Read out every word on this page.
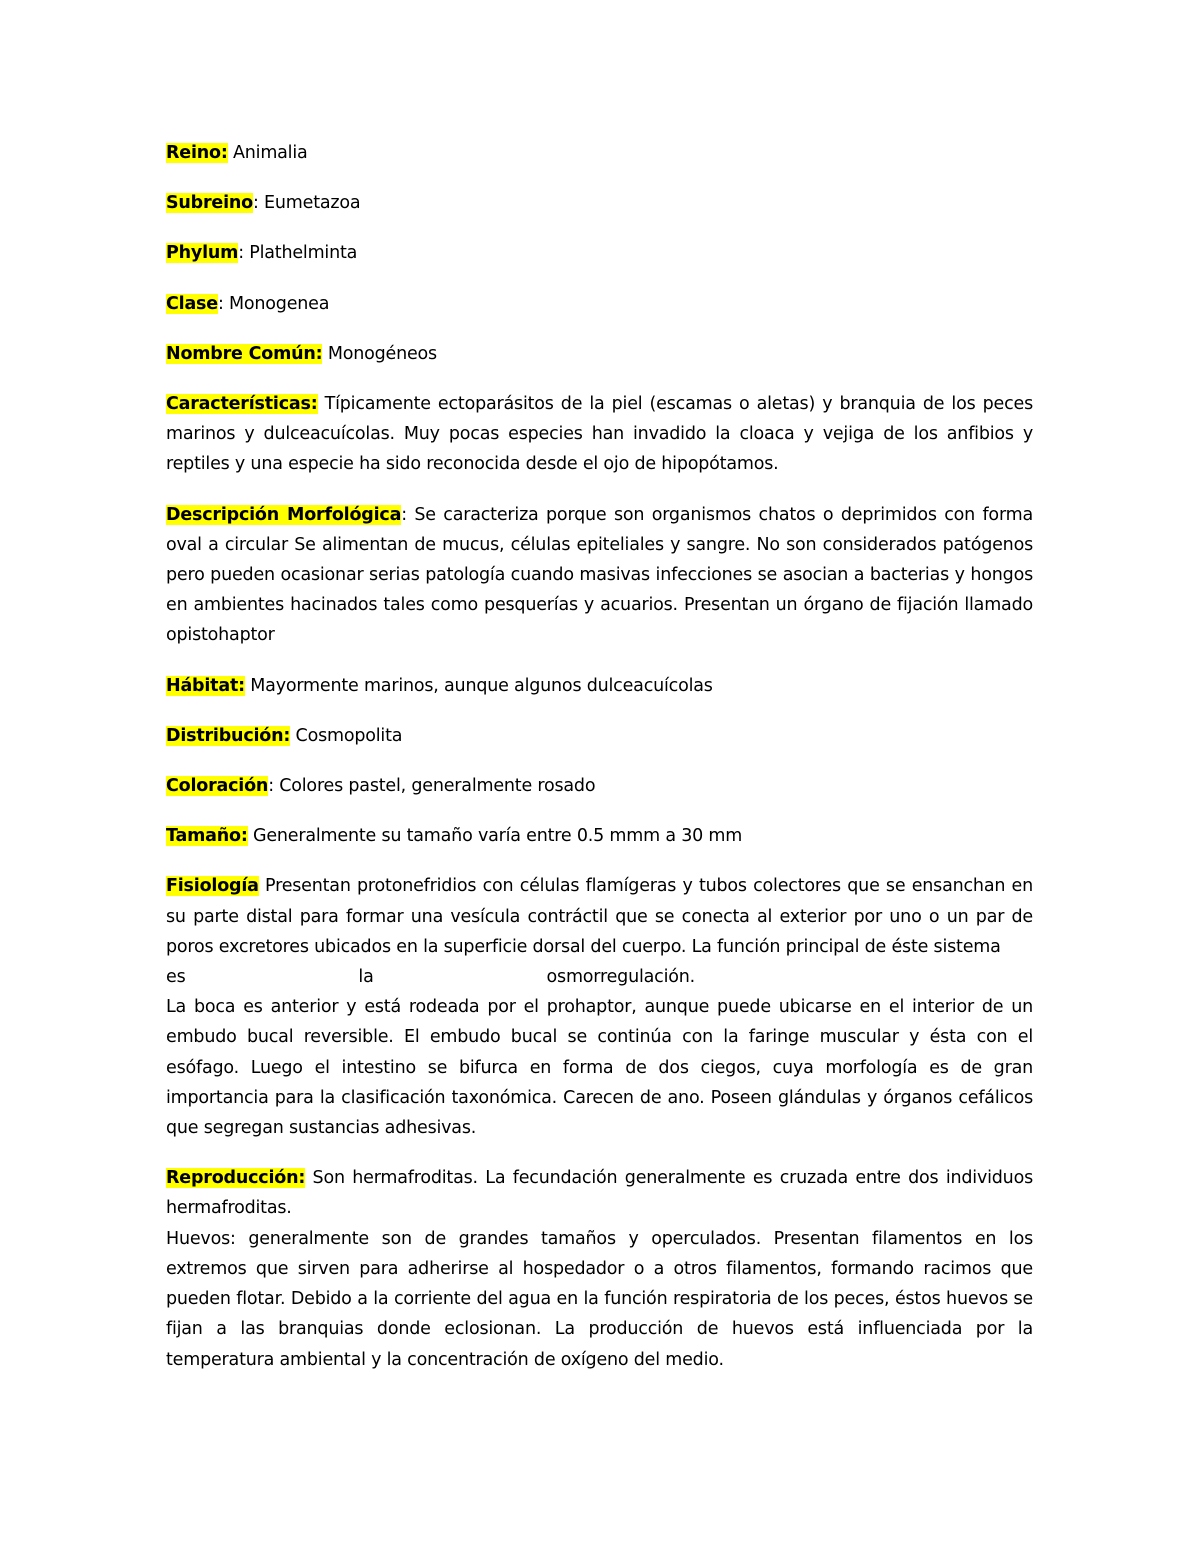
Reino: Animalia

Subreino: Eumetazoa

Phylum: Plathelminta

Clase: Monogenea

Nombre Común: Monogéneos

Características: Típicamente ectoparásitos de la piel (escamas o aletas) y branquia de los peces marinos y dulceacuícolas. Muy pocas especies han invadido la cloaca y vejiga de los anfibios y reptiles y una especie ha sido reconocida desde el ojo de hipopótamos.

Descripción Morfológica: Se caracteriza porque son organismos chatos o deprimidos con forma oval a circular Se alimentan de mucus, células epiteliales y sangre. No son considerados patógenos pero pueden ocasionar serias patología cuando masivas infecciones se asocian a bacterias y hongos en ambientes hacinados tales como pesquerías y acuarios. Presentan un órgano de fijación llamado opistohaptor

Hábitat: Mayormente marinos, aunque algunos dulceacuícolas

Distribución: Cosmopolita

Coloración: Colores pastel, generalmente rosado

Tamaño: Generalmente su tamaño varía entre 0.5 mmm a 30 mm

Fisiología Presentan protonefridios con células flamígeras y tubos colectores que se ensanchan en su parte distal para formar una vesícula contráctil que se conecta al exterior por uno o un par de poros excretores ubicados en la superficie dorsal del cuerpo. La función principal de éste sistema

es	la	osmorregulación.

La boca es anterior y está rodeada por el prohaptor, aunque puede ubicarse en el interior de un embudo bucal reversible. El embudo bucal se continúa con la faringe muscular y ésta con el esófago. Luego el intestino se bifurca en forma de dos ciegos, cuya morfología es de gran importancia para la clasificación taxonómica. Carecen de ano. Poseen glándulas y órganos cefálicos que segregan sustancias adhesivas.

Reproducción: Son hermafroditas. La fecundación generalmente es cruzada entre dos individuos hermafroditas.

Huevos: generalmente son de grandes tamaños y operculados. Presentan filamentos en los extremos que sirven para adherirse al hospedador o a otros filamentos, formando racimos que pueden flotar. Debido a la corriente del agua en la función respiratoria de los peces, éstos huevos se fijan a las branquias donde eclosionan. La producción de huevos está influenciada por la temperatura ambiental y la concentración de oxígeno del medio.
